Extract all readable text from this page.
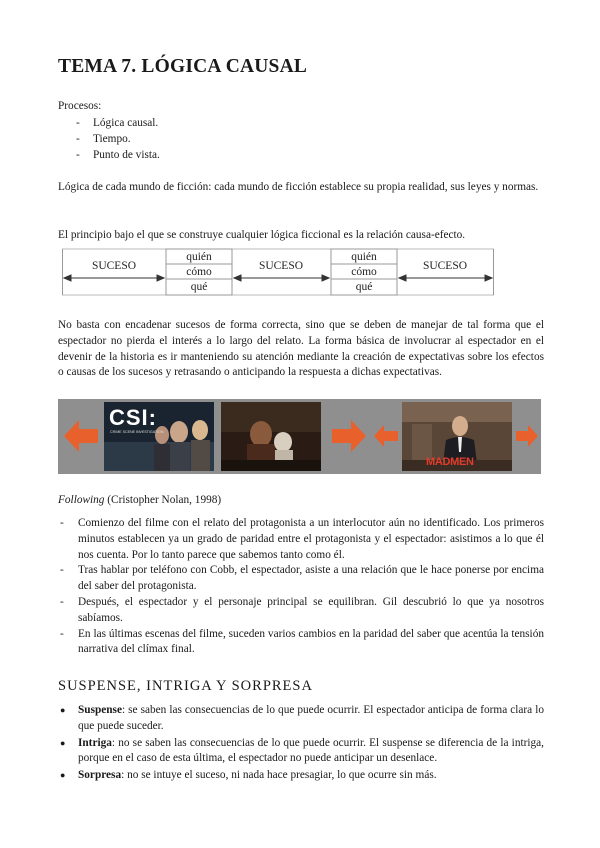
TEMA 7. LÓGICA CAUSAL

Procesos:

- Lógica causal.
- Tiempo.
- Punto de vista.

Lógica de cada mundo de ficción: cada mundo de ficción establece su propia realidad, sus leyes y normas.

El principio bajo el que se construye cualquier lógica ficcional es la relación causa-efecto.

SUCESO	SUCESO	SUCESO
quién
cómo
qué
quién
cómo
qué

No basta con encadenar sucesos de forma correcta, sino que se deben de manejar de tal forma que el espectador no pierda el interés a lo largo del relato. La forma básica de involucrar al espectador en el devenir de la historia es ir manteniendo su atención mediante la creación de expectativas sobre los efectos o causas de los sucesos y retrasando o anticipando la respuesta a dichas expectativas.

CSI:
CRIME SCENE INVESTIGATION
MADMEN

Following (Cristopher Nolan, 1998)

- Comienzo del filme con el relato del protagonista a un interlocutor aún no identificado. Los primeros minutos establecen ya un grado de paridad entre el protagonista y el espectador: asistimos a lo que él nos cuenta. Por lo tanto parece que sabemos tanto como él.
- Tras hablar por teléfono con Cobb, el espectador, asiste a una relación que le hace ponerse por encima del saber del protagonista.
- Después, el espectador y el personaje principal se equilibran. Gil descubrió lo que ya nosotros sabíamos.
- En las últimas escenas del filme, suceden varios cambios en la paridad del saber que acentúa la tensión narrativa del clímax final.
SUSPENSE, INTRIGA Y SORPRESA
● Suspense: se saben las consecuencias de lo que puede ocurrir. El espectador anticipa de forma clara lo que puede suceder.
● Intriga: no se saben las consecuencias de lo que puede ocurrir. El suspense se diferencia de la intriga, porque en el caso de esta última, el espectador no puede anticipar un desenlace.
● Sorpresa: no se intuye el suceso, ni nada hace presagiar, lo que ocurre sin más.
